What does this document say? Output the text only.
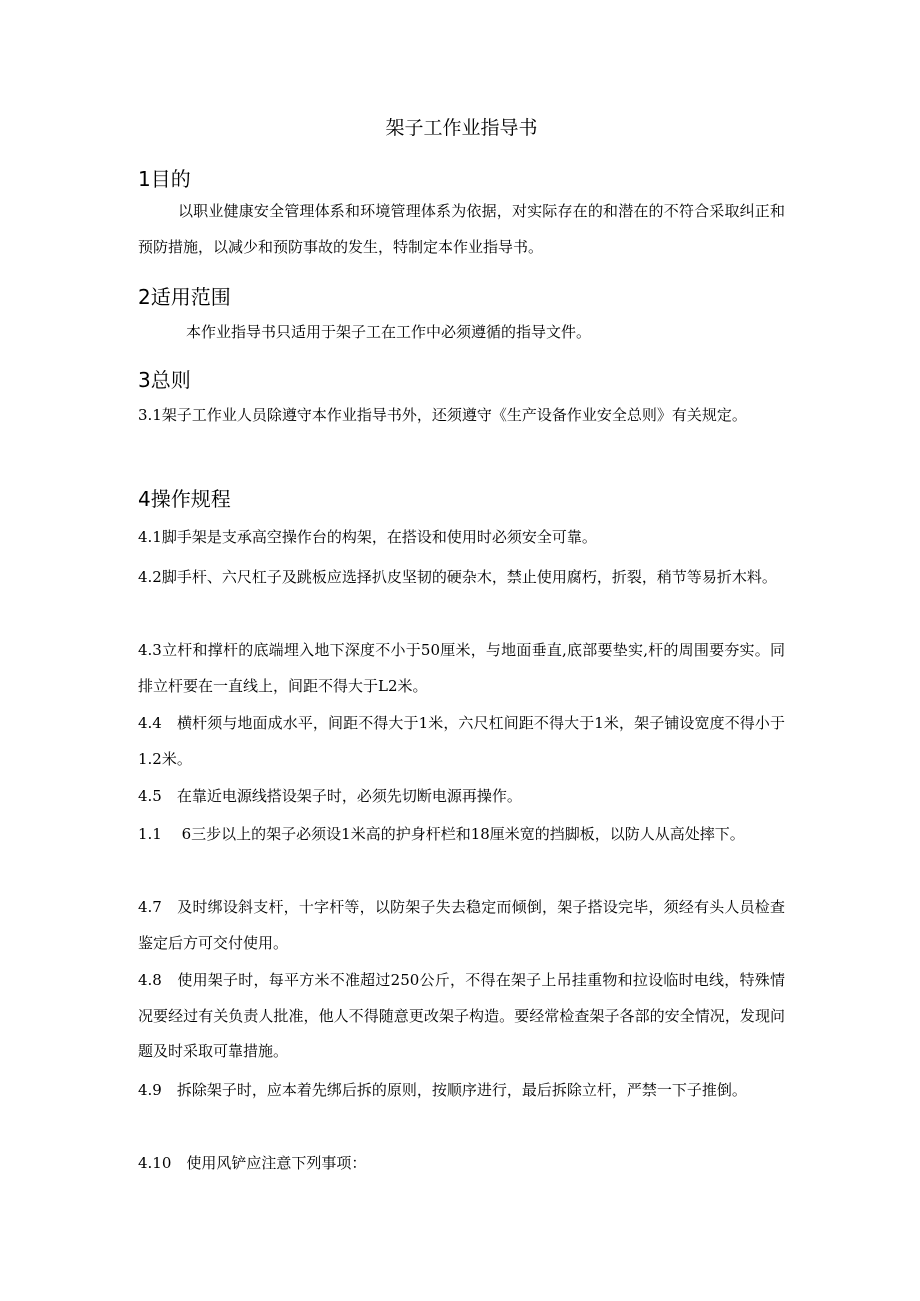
架子工作业指导书
1目的

以职业健康安全管理体系和环境管理体系为依据，对实际存在的和潜在的不符合采取纠正和预防措施，以减少和预防事故的发生，特制定本作业指导书。

2适用范围

本作业指导书只适用于架子工在工作中必须遵循的指导文件。

3总则

3.1架子工作业人员除遵守本作业指导书外，还须遵守《生产设备作业安全总则》有关规定。

4操作规程

4.1脚手架是支承高空操作台的构架，在搭设和使用时必须安全可靠。

4.2脚手杆、六尺杠子及跳板应选择扒皮坚韧的硬杂木，禁止使用腐朽，折裂，稍节等易折木料。

4.3立杆和撑杆的底端埋入地下深度不小于50厘米，与地面垂直,底部要垫实,杆的周围要夯实。同排立杆要在一直线上，间距不得大于L2米。

4.4　横杆须与地面成水平，间距不得大于1米，六尺杠间距不得大于1米，架子铺设宽度不得小于1.2米。

4.5　在靠近电源线搭设架子时，必须先切断电源再操作。

1.1　 6三步以上的架子必须设1米高的护身杆栏和18厘米宽的挡脚板，以防人从高处摔下。

4.7　及时绑设斜支杆，十字杆等，以防架子失去稳定而倾倒，架子搭设完毕，须经有头人员检查鉴定后方可交付使用。

4.8　使用架子时，每平方米不准超过250公斤，不得在架子上吊挂重物和拉设临时电线，特殊情况要经过有关负责人批准，他人不得随意更改架子构造。要经常检查架子各部的安全情况，发现问题及时采取可靠措施。

4.9　拆除架子时，应本着先绑后拆的原则，按顺序进行，最后拆除立杆，严禁一下子推倒。

4.10　使用风铲应注意下列事项：
